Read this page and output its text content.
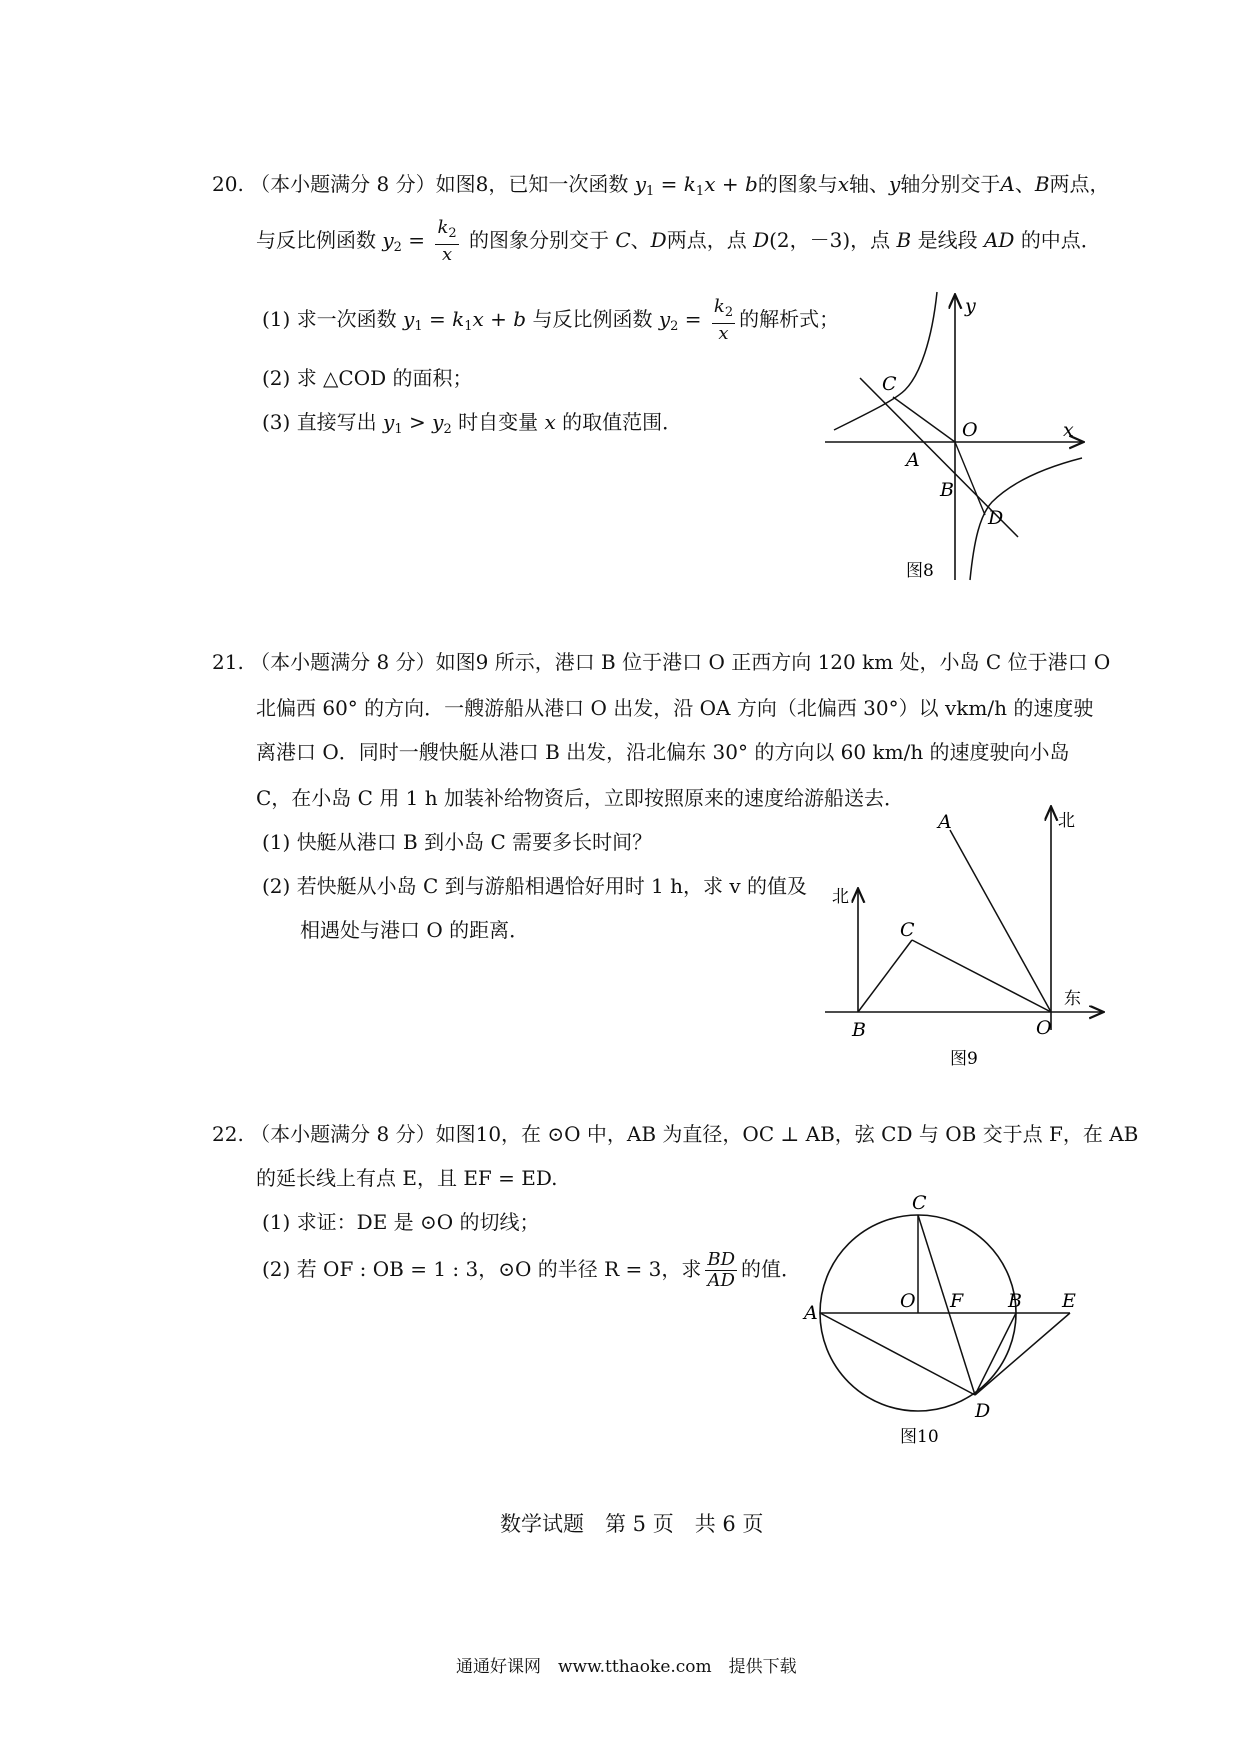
20. （本小题满分 8 分）如图8，已知一次函数 $y_1 = k_1x + b$的图象与x轴、y轴分别交于A、B两点，
与反比例函数 $y_2 = \frac{k_2}{x}$ 的图象分别交于 C、D两点，点 D(2，－3)，点 B 是线段 AD 的中点．
(1) 求一次函数 $y_1 = k_1x + b$ 与反比例函数 $y_2 = \frac{k_2}{x}$ 的解析式；
(2) 求 △COD 的面积；
(3) 直接写出 $y_1 > y_2$ 时自变量 x 的取值范围．
C
O	x
y
A
B
D
图8
21. （本小题满分 8 分）如图9 所示，港口 B 位于港口 O 正西方向 120 km 处，小岛 C 位于港口 O
北偏西 60° 的方向．一艘游船从港口 O 出发，沿 OA 方向（北偏西 30°）以 vkm/h 的速度驶
离港口 O．同时一艘快艇从港口 B 出发，沿北偏东 30° 的方向以 60 km/h 的速度驶向小岛
C，在小岛 C 用 1 h 加装补给物资后，立即按照原来的速度给游船送去．
(1) 快艇从港口 B 到小岛 C 需要多长时间？
(2) 若快艇从小岛 C 到与游船相遇恰好用时 1 h，求 v 的值及
相遇处与港口 O 的距离．
A	北
北
C
东
B	O
图9
22. （本小题满分 8 分）如图10，在 ⊙O 中，AB 为直径，OC ⊥ AB，弦 CD 与 OB 交于点 F，在 AB
的延长线上有点 E，且 EF = ED.
(1) 求证：DE 是 ⊙O 的切线；
(2) 若 OF : OB = 1 : 3，⊙O 的半径 R = 3，求 $\frac{BD}{AD}$ 的值．
C
O F B E
A
D
图10
数学试题　第 5 页　共 6 页
通通好课网　www.tthaoke.com　提供下载
